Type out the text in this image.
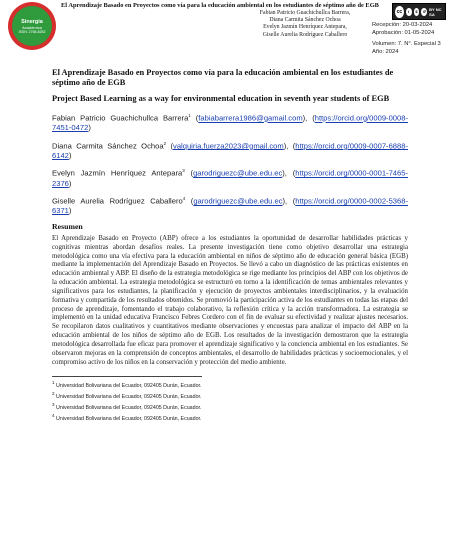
Sinergia
Académica
ISSN: 2765-8252
El Aprendizaje Basado en Proyectos como vía para la educación ambiental en los estudiantes de séptimo año de EGB
Fabian Patricio Guachichullca Barrera,
Diana Carmita Sánchez Ochoa
Evelyn Jazmín Henríquez Antepara,
Giselle Aurelia Rodríguez Caballero
cc	i	$	↺ BY NC SA
Recepción: 20-03-2024
Aprobación: 01-05-2024
Volumen: 7. N°. Especial 3
Año: 2024
El Aprendizaje Basado en Proyectos como vía para la educación ambiental en los estudiantes de séptimo año de EGB
Project Based Learning as a way for environmental education in seventh year students of EGB
Fabian Patricio Guachichullca Barrera$^1$ (fabiabarrera1986@gamail.com), (https://orcid.org/0009-0008-7451-0472)
Diana Carmita Sánchez Ochoa$^2$ (valquiria.fuerza2023@gmail.com), (https://orcid.org/0009-0007-6888-6142)
Evelyn Jazmín Henríquez Antepara$^3$ (garodriguezc@ube.edu.ec), (https://orcid.org/0000-0001-7465-2376)
Giselle Aurelia Rodríguez Caballero$^4$ (garodriguezc@ube.edu.ec), (https://orcid.org/0000-0002-5368-6371)
Resumen

El Aprendizaje Basado en Proyecto (ABP) ofrece a los estudiantes la oportunidad de desarrollar habilidades prácticas y cognitivas mientras abordan desafíos reales. La presente investigación tiene como objetivo desarrollar una estrategia metodológica como una vía efectiva para la educación ambiental en niños de séptimo año de educación general básica (EGB) mediante la implementación del Aprendizaje Basado en Proyectos. Se llevó a cabo un diagnóstico de las prácticas existentes en educación ambiental y ABP. El diseño de la estrategia metodológica se rige mediante los principios del ABP con los objetivos de la educación ambiental. La estrategia metodológica se estructuró en torno a la identificación de temas ambientales relevantes y significativos para los estudiantes, la planificación y ejecución de proyectos ambientales interdisciplinarios, y la evaluación formativa y compartida de los resultados obtenidos. Se promovió la participación activa de los estudiantes en todas las etapas del proceso de aprendizaje, fomentando el trabajo colaborativo, la reflexión crítica y la acción transformadora. La estrategia se implementó en la unidad educativa Francisco Febres Cordero con el fin de evaluar su efectividad y realizar ajustes necesarios. Se recopilaron datos cualitativos y cuantitativos mediante observaciones y encuestas para analizar el impacto del ABP en la educación ambiental de los niños de séptimo año de EGB. Los resultados de la investigación demostraron que la estrategia metodológica desarrollada fue eficaz para promover el aprendizaje significativo y la conciencia ambiental en los estudiantes. Se observaron mejoras en la comprensión de conceptos ambientales, el desarrollo de habilidades prácticas y socioemocionales, y el compromiso activo de los niños en la conservación y protección del medio ambiente.

$^1$ Universidad Bolivariana del Ecuador, 092405 Durán, Ecuador.
$^2$ Universidad Bolivariana del Ecuador, 092405 Durán, Ecuador.
$^3$ Universidad Bolivariana del Ecuador, 092405 Durán, Ecuador.
$^4$ Universidad Bolivariana del Ecuador, 092405 Durán, Ecuador.
